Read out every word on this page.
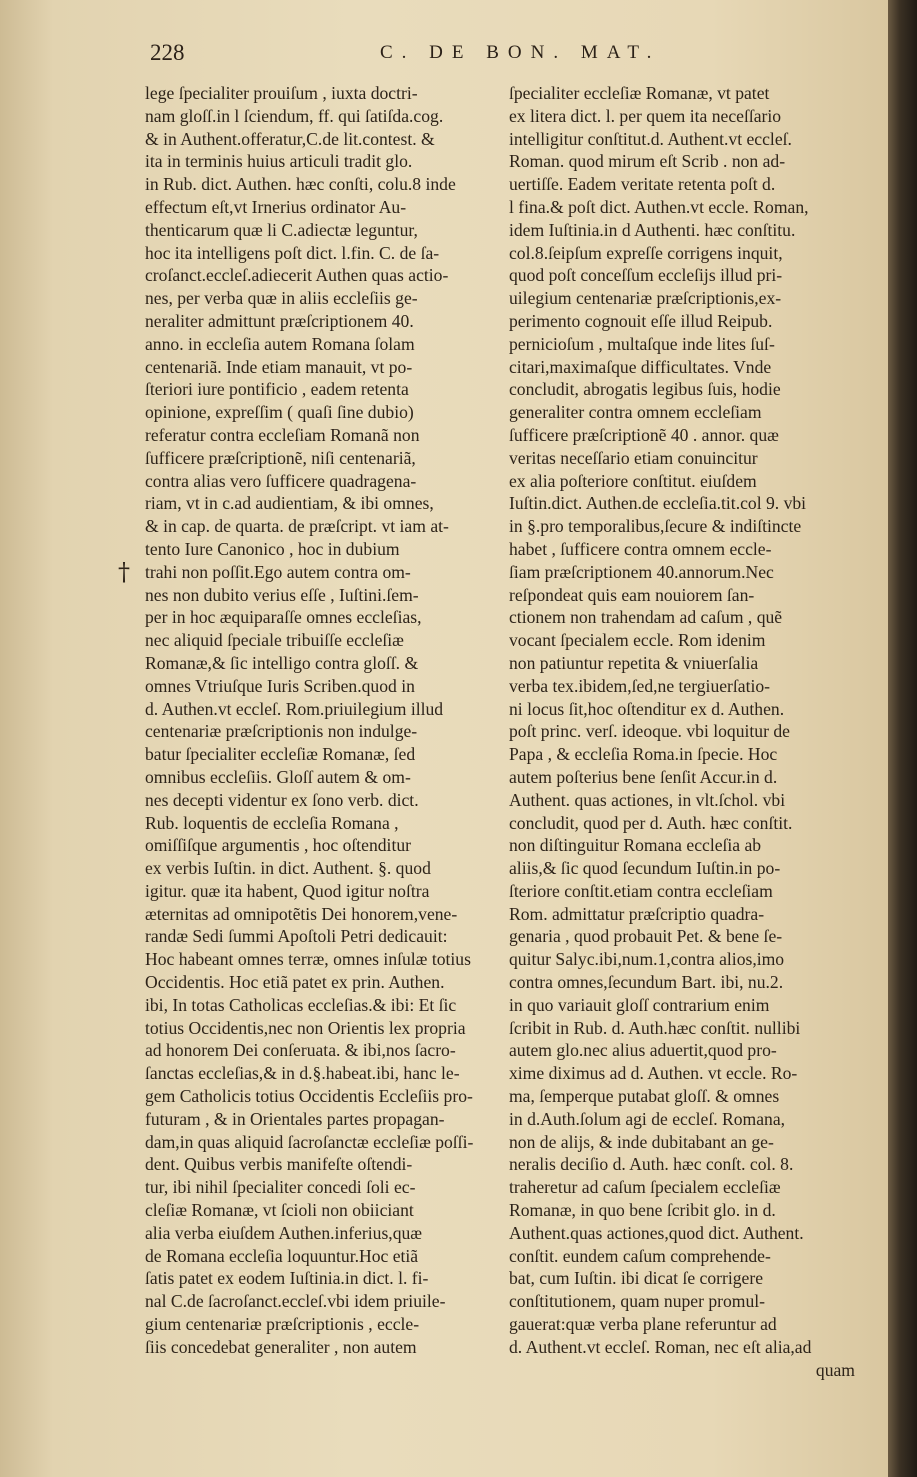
228	C. DE BON. MAT.
†
lege ſpecialiter prouiſum , iuxta doctri-
nam gloſſ.in l ſciendum, ff. qui ſatiſda.cog.
& in Authent.offeratur,C.de lit.contest. &
ita in terminis huius articuli tradit glo.
in Rub. dict. Authen. hæc conſti, colu.8 inde
effectum eſt,vt Irnerius ordinator Au-
thenticarum quæ li C.adiectæ leguntur,
hoc ita intelligens poſt dict. l.fin. C. de ſa-
croſanct.eccleſ.adiecerit Authen quas actio-
nes, per verba quæ in aliis eccleſiis ge-
neraliter admittunt præſcriptionem 40.
anno. in eccleſia autem Romana ſolam
centenariã. Inde etiam manauit, vt po-
ſteriori iure pontificio , eadem retenta
opinione, expreſſim ( quaſi ſine dubio)
referatur contra eccleſiam Romanã non
ſufficere præſcriptionẽ, niſi centenariã,
contra alias vero ſufficere quadragena-
riam, vt in c.ad audientiam, & ibi omnes,
& in cap. de quarta. de præſcript. vt iam at-
tento Iure Canonico , hoc in dubium
trahi non poſſit.Ego autem contra om-
nes non dubito verius eſſe , Iuſtini.ſem-
per in hoc æquiparaſſe omnes eccleſias,
nec aliquid ſpeciale tribuiſſe eccleſiæ
Romanæ,& ſic intelligo contra gloſſ. &
omnes Vtriuſque Iuris Scriben.quod in
d. Authen.vt eccleſ. Rom.priuilegium illud
centenariæ præſcriptionis non indulge-
batur ſpecialiter eccleſiæ Romanæ, ſed
omnibus eccleſiis. Gloſſ autem & om-
nes decepti videntur ex ſono verb. dict.
Rub. loquentis de eccleſia Romana ,
omiſſiſque argumentis , hoc oſtenditur
ex verbis Iuſtin. in dict. Authent. §. quod
igitur. quæ ita habent, Quod igitur noſtra
æternitas ad omnipotẽtis Dei honorem,vene-
randæ Sedi ſummi Apoſtoli Petri dedicauit:
Hoc habeant omnes terræ, omnes inſulæ totius
Occidentis. Hoc etiã patet ex prin. Authen.
ibi, In totas Catholicas eccleſias.& ibi: Et ſic
totius Occidentis,nec non Orientis lex propria
ad honorem Dei conſeruata. & ibi,nos ſacro-
ſanctas eccleſias,& in d.§.habeat.ibi, hanc le-
gem Catholicis totius Occidentis Eccleſiis pro-
futuram , & in Orientales partes propagan-
dam,in quas aliquid ſacroſanctæ eccleſiæ poſſi-
dent. Quibus verbis manifeſte oſtendi-
tur, ibi nihil ſpecialiter concedi ſoli ec-
cleſiæ Romanæ, vt ſcioli non obiiciant
alia verba eiuſdem Authen.inferius,quæ
de Romana eccleſia loquuntur.Hoc etiã
ſatis patet ex eodem Iuſtinia.in dict. l. fi-
nal C.de ſacroſanct.eccleſ.vbi idem priuile-
gium centenariæ præſcriptionis , eccle-
ſiis concedebat generaliter , non autem
ſpecialiter eccleſiæ Romanæ, vt patet
ex litera dict. l. per quem ita neceſſario
intelligitur conſtitut.d. Authent.vt eccleſ.
Roman. quod mirum eſt Scrib . non ad-
uertiſſe. Eadem veritate retenta poſt d.
l fina.& poſt dict. Authen.vt eccle. Roman,
idem Iuſtinia.in d Authenti. hæc conſtitu.
col.8.ſeipſum expreſſe corrigens inquit,
quod poſt conceſſum eccleſijs illud pri-
uilegium centenariæ præſcriptionis,ex-
perimento cognouit eſſe illud Reipub.
pernicioſum , multaſque inde lites ſuſ-
citari,maximaſque difficultates. Vnde
concludit, abrogatis legibus ſuis, hodie
generaliter contra omnem eccleſiam
ſufficere præſcriptionẽ 40 . annor. quæ
veritas neceſſario etiam conuincitur
ex alia poſteriore conſtitut. eiuſdem
Iuſtin.dict. Authen.de eccleſia.tit.col 9. vbi
in §.pro temporalibus,ſecure & indiſtincte
habet , ſufficere contra omnem eccle-
ſiam præſcriptionem 40.annorum.Nec
reſpondeat quis eam nouiorem ſan-
ctionem non trahendam ad caſum , quẽ
vocant ſpecialem eccle. Rom idenim
non patiuntur repetita & vniuerſalia
verba tex.ibidem,ſed,ne tergiuerſatio-
ni locus ſit,hoc oſtenditur ex d. Authen.
poſt princ. verſ. ideoque. vbi loquitur de
Papa , & eccleſia Roma.in ſpecie. Hoc
autem poſterius bene ſenſit Accur.in d.
Authent. quas actiones, in vlt.ſchol. vbi
concludit, quod per d. Auth. hæc conſtit.
non diſtinguitur Romana eccleſia ab
aliis,& ſic quod ſecundum Iuſtin.in po-
ſteriore conſtit.etiam contra eccleſiam
Rom. admittatur præſcriptio quadra-
genaria , quod probauit Pet. & bene ſe-
quitur Salyc.ibi,num.1,contra alios,imo
contra omnes,ſecundum Bart. ibi, nu.2.
in quo variauit gloſſ contrarium enim
ſcribit in Rub. d. Auth.hæc conſtit. nullibi
autem glo.nec alius aduertit,quod pro-
xime diximus ad d. Authen. vt eccle. Ro-
ma, ſemperque putabat gloſſ. & omnes
in d.Auth.ſolum agi de eccleſ. Romana,
non de alijs, & inde dubitabant an ge-
neralis deciſio d. Auth. hæc conſt. col. 8.
traheretur ad caſum ſpecialem eccleſiæ
Romanæ, in quo bene ſcribit glo. in d.
Authent.quas actiones,quod dict. Authent.
conſtit. eundem caſum comprehende-
bat, cum Iuſtin. ibi dicat ſe corrigere
conſtitutionem, quam nuper promul-
gauerat:quæ verba plane referuntur ad
d. Authent.vt eccleſ. Roman, nec eſt alia,ad
quam
